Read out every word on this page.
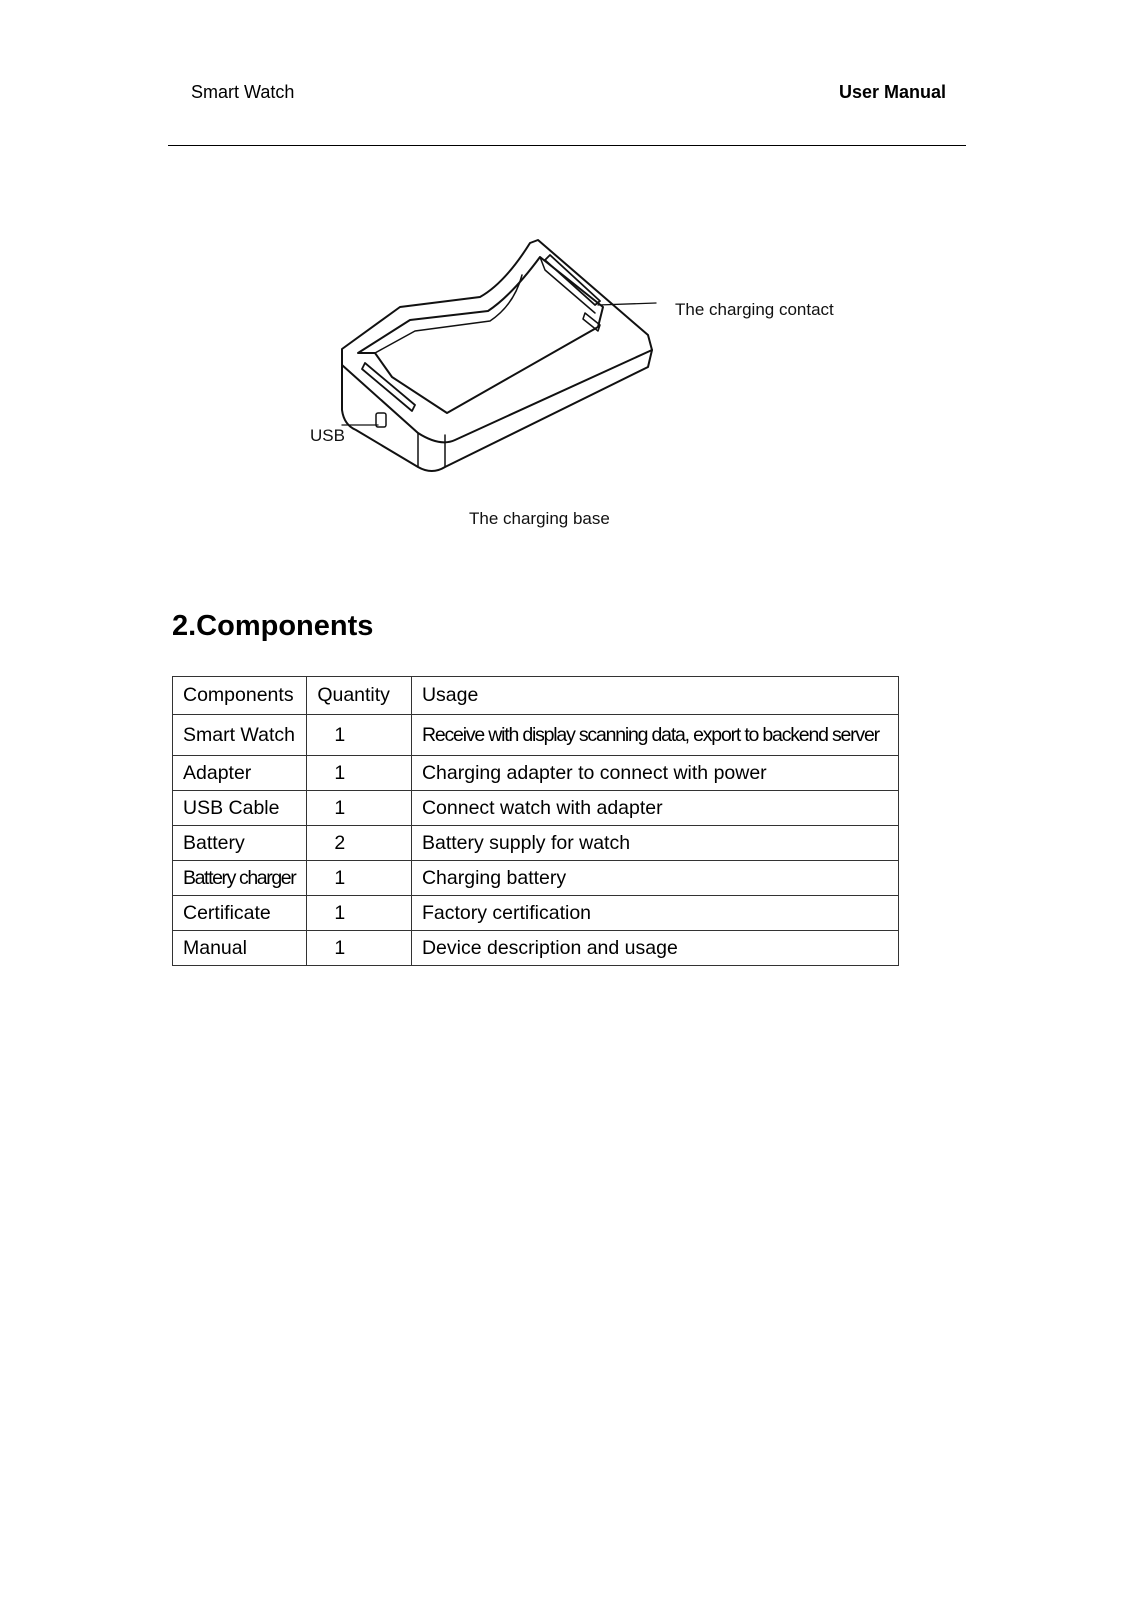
Smart Watch	User Manual
The charging contact
USB
The charging base
2.Components
Components	Quantity	Usage
Smart Watch	1	Receive with display scanning data, export to backend server
Adapter	1	Charging adapter to connect with power
USB Cable	1	Connect watch with adapter
Battery	2	Battery supply for watch
Battery charger	1	Charging battery
Certificate	1	Factory certification
Manual	1	Device description and usage
